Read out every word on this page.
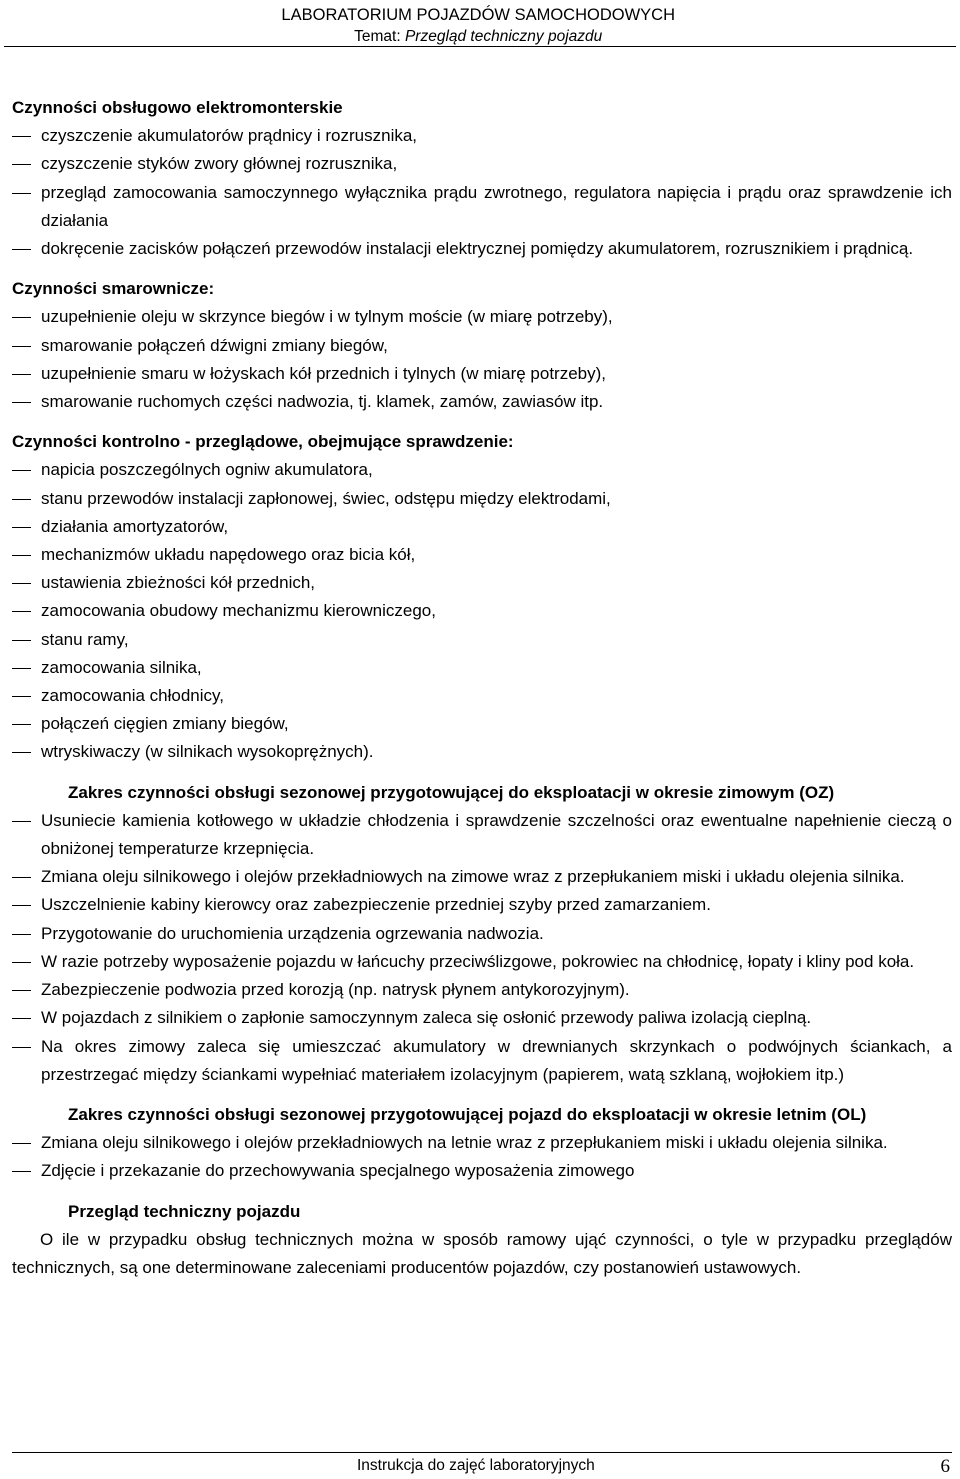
LABORATORIUM POJAZDÓW SAMOCHODOWYCH
Temat: Przegląd techniczny pojazdu

Czynności obsługowo elektromonterskie

czyszczenie akumulatorów prądnicy i rozrusznika,
czyszczenie styków zwory głównej rozrusznika,
przegląd zamocowania samoczynnego wyłącznika prądu zwrotnego, regulatora napięcia i prądu oraz sprawdzenie ich działania
dokręcenie zacisków połączeń przewodów instalacji elektrycznej pomiędzy akumulatorem, rozrusznikiem i prądnicą.

Czynności smarownicze:

uzupełnienie oleju w skrzynce biegów i w tylnym moście (w miarę potrzeby),
smarowanie połączeń dźwigni zmiany biegów,
uzupełnienie smaru w łożyskach kół przednich i tylnych (w miarę potrzeby),
smarowanie ruchomych części nadwozia, tj. klamek, zamów, zawiasów itp.

Czynności kontrolno - przeglądowe, obejmujące sprawdzenie:

napicia poszczególnych ogniw akumulatora,
stanu przewodów instalacji zapłonowej, świec, odstępu między elektrodami,
działania amortyzatorów,
mechanizmów układu napędowego oraz bicia kół,
ustawienia zbieżności kół przednich,
zamocowania obudowy mechanizmu kierowniczego,
stanu ramy,
zamocowania silnika,
zamocowania chłodnicy,
połączeń cięgien zmiany biegów,
wtryskiwaczy (w silnikach wysokoprężnych).

Zakres czynności obsługi sezonowej przygotowującej do eksploatacji w okresie zimowym (OZ)

Usuniecie kamienia kotłowego w układzie chłodzenia i sprawdzenie szczelności oraz ewentualne napełnienie cieczą o obniżonej temperaturze krzepnięcia.
Zmiana oleju silnikowego i olejów przekładniowych na zimowe wraz z przepłukaniem miski i układu olejenia silnika.
Uszczelnienie kabiny kierowcy oraz zabezpieczenie przedniej szyby przed zamarzaniem.
Przygotowanie do uruchomienia urządzenia ogrzewania nadwozia.
W razie potrzeby wyposażenie pojazdu w łańcuchy przeciwślizgowe, pokrowiec na chłodnicę, łopaty i kliny pod koła.
Zabezpieczenie podwozia przed korozją (np. natrysk płynem antykorozyjnym).
W pojazdach z silnikiem o zapłonie samoczynnym zaleca się osłonić przewody paliwa izolacją cieplną.
Na okres zimowy zaleca się umieszczać akumulatory w drewnianych skrzynkach o podwójnych ściankach, a przestrzegać między ściankami wypełniać materiałem izolacyjnym (papierem, watą szklaną, wojłokiem itp.)

Zakres czynności obsługi sezonowej przygotowującej pojazd do eksploatacji w okresie letnim (OL)

Zmiana oleju silnikowego i olejów przekładniowych na letnie wraz z przepłukaniem miski i układu olejenia silnika.
Zdjęcie i przekazanie do przechowywania specjalnego wyposażenia zimowego

Przegląd techniczny pojazdu

O ile w przypadku obsług technicznych można w sposób ramowy ująć czynności, o tyle w przypadku przeglądów technicznych, są one determinowane zaleceniami producentów pojazdów, czy postanowień ustawowych.

Instrukcja do zajęć laboratoryjnych	6
